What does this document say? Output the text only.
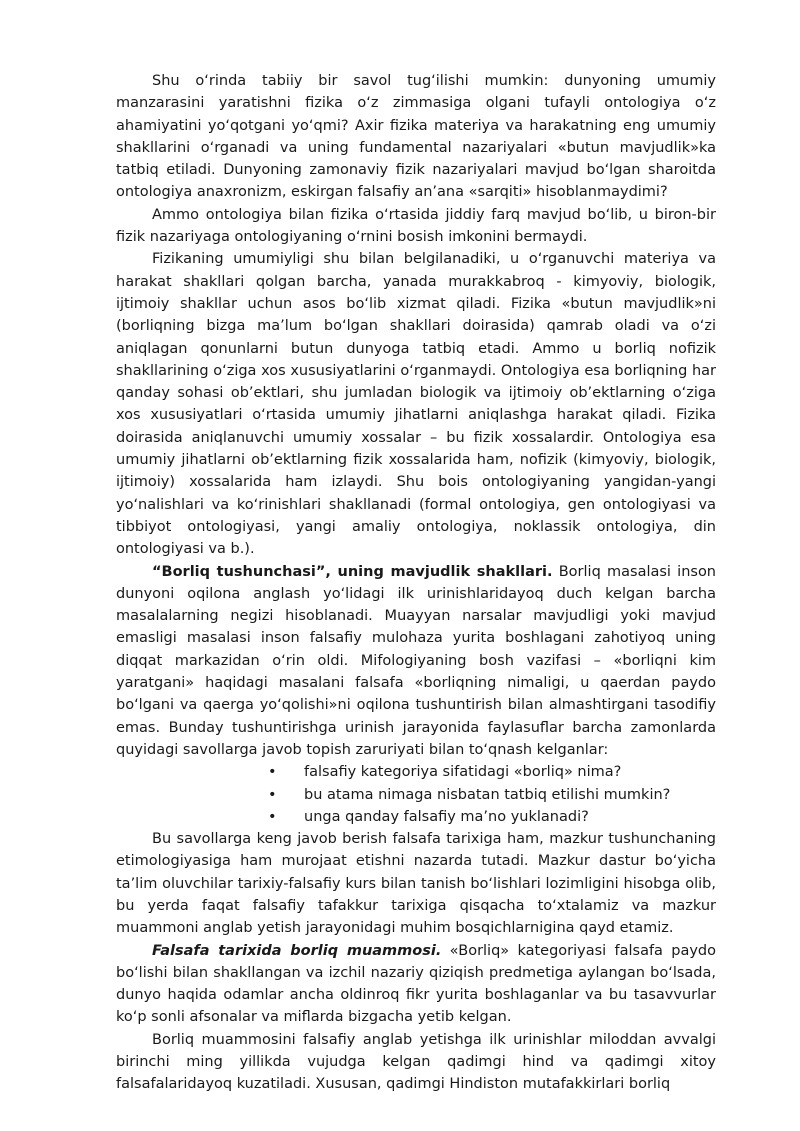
Shu o‘rinda tabiiy bir savol tug‘ilishi mumkin: dunyoning umumiy manzarasini yaratishni fizika o‘z zimmasiga olgani tufayli ontologiya o‘z ahamiyatini yo‘qotgani yo‘qmi? Axir fizika materiya va harakatning eng umumiy shakllarini o‘rganadi va uning fundamental nazariyalari «butun mavjudlik»ka tatbiq etiladi. Dunyoning zamonaviy fizik nazariyalari mavjud bo‘lgan sharoitda ontologiya anaxronizm, eskirgan falsafiy an’ana «sarqiti» hisoblanmaydimi?

Ammo ontologiya bilan fizika o‘rtasida jiddiy farq mavjud bo‘lib, u biron-bir fizik nazariyaga ontologiyaning o‘rnini bosish imkonini bermaydi.

Fizikaning umumiyligi shu bilan belgilanadiki, u o‘rganuvchi materiya va harakat shakllari qolgan barcha, yanada murakkabroq - kimyoviy, biologik, ijtimoiy shakllar uchun asos bo‘lib xizmat qiladi. Fizika «butun mavjudlik»ni (borliqning bizga ma’lum bo‘lgan shakllari doirasida) qamrab oladi va o‘zi aniqlagan qonunlarni butun dunyoga tatbiq etadi. Ammo u borliq nofizik shakllarining o‘ziga xos xususiyatlarini o‘rganmaydi. Ontologiya esa borliqning har qanday sohasi ob’ektlari, shu jumladan biologik va ijtimoiy ob’ektlarning o‘ziga xos xususiyatlari o‘rtasida umumiy jihatlarni aniqlashga harakat qiladi. Fizika doirasida aniqlanuvchi umumiy xossalar – bu fizik xossalardir. Ontologiya esa umumiy jihatlarni ob’ektlarning fizik xossalarida ham, nofizik (kimyoviy, biologik, ijtimoiy) xossalarida ham izlaydi. Shu bois ontologiyaning yangidan-yangi yo‘nalishlari va ko‘rinishlari shakllanadi (formal ontologiya, gen ontologiyasi va tibbiyot ontologiyasi, yangi amaliy ontologiya, noklassik ontologiya, din ontologiyasi va b.).

“Borliq tushunchasi”, uning mavjudlik shakllari. Borliq masalasi inson dunyoni oqilona anglash yo‘lidagi ilk urinishlaridayoq duch kelgan barcha masalalarning negizi hisoblanadi. Muayyan narsalar mavjudligi yoki mavjud emasligi masalasi inson falsafiy mulohaza yurita boshlagani zahotiyoq uning diqqat markazidan o‘rin oldi. Mifologiyaning bosh vazifasi – «borliqni kim yaratgani» haqidagi masalani falsafa «borliqning nimaligi, u qaerdan paydo bo‘lgani va qaerga yo‘qolishi»ni oqilona tushuntirish bilan almashtirgani tasodifiy emas. Bunday tushuntirishga urinish jarayonida faylasuflar barcha zamonlarda quyidagi savollarga javob topish zaruriyati bilan to‘qnash kelganlar:

• falsafiy kategoriya sifatidagi «borliq» nima?
• bu atama nimaga nisbatan tatbiq etilishi mumkin?
• unga qanday falsafiy ma’no yuklanadi?

Bu savollarga keng javob berish falsafa tarixiga ham, mazkur tushunchaning etimologiyasiga ham murojaat etishni nazarda tutadi. Mazkur dastur bo‘yicha ta’lim oluvchilar tarixiy-falsafiy kurs bilan tanish bo‘lishlari lozimligini hisobga olib, bu yerda faqat falsafiy tafakkur tarixiga qisqacha to‘xtalamiz va mazkur muammoni anglab yetish jarayonidagi muhim bosqichlarnigina qayd etamiz.

Falsafa tarixida borliq muammosi. «Borliq» kategoriyasi falsafa paydo bo‘lishi bilan shakllangan va izchil nazariy qiziqish predmetiga aylangan bo‘lsada, dunyo haqida odamlar ancha oldinroq fikr yurita boshlaganlar va bu tasavvurlar ko‘p sonli afsonalar va miflarda bizgacha yetib kelgan.

Borliq muammosini falsafiy anglab yetishga ilk urinishlar miloddan avvalgi birinchi ming yillikda vujudga kelgan qadimgi hind va qadimgi xitoy falsafalaridayoq kuzatiladi. Xususan, qadimgi Hindiston mutafakkirlari borliq
